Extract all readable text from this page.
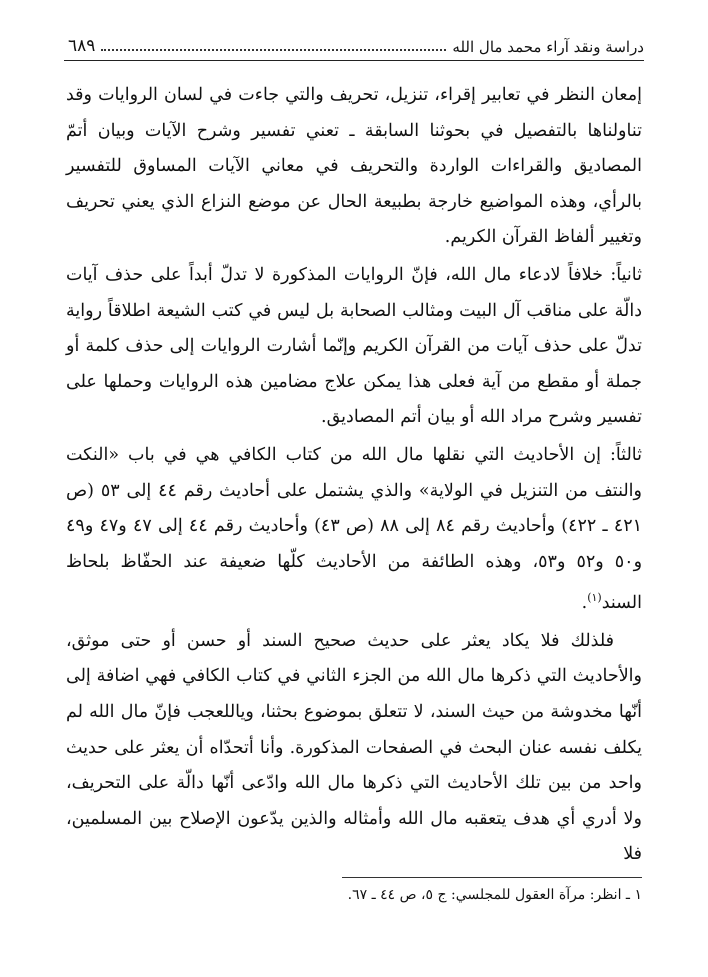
دراسة ونقد آراء محمد مال الله
٦٨٩

إمعان النظر في تعابير إقراء، تنزيل، تحريف والتي جاءت في لسان الروايات وقد تناولناها بالتفصيل في بحوثنا السابقة ـ تعني تفسير وشرح الآيات وبيان أتمّ المصاديق والقراءات الواردة والتحريف في معاني الآيات المساوق للتفسير بالرأي، وهذه المواضيع خارجة بطبيعة الحال عن موضع النزاع الذي يعني تحريف وتغيير ألفاظ القرآن الكريم.

ثانياً: خلافاً لادعاء مال الله، فإنّ الروايات المذكورة لا تدلّ أبداً على حذف آيات دالّة على مناقب آل البيت ومثالب الصحابة بل ليس في كتب الشيعة اطلاقاً رواية تدلّ على حذف آيات من القرآن الكريم وإنّما أشارت الروايات إلى حذف كلمة أو جملة أو مقطع من آية فعلى هذا يمكن علاج مضامين هذه الروايات وحملها على تفسير وشرح مراد الله أو بيان أتم المصاديق.

ثالثاً: إن الأحاديث التي نقلها مال الله من كتاب الكافي هي في باب «النكت والنتف من التنزيل في الولاية» والذي يشتمل على أحاديث رقم ٤٤ إلى ٥٣ (ص ٤٢١ ـ ٤٢٢) وأحاديث رقم ٨٤ إلى ٨٨ (ص ٤٣) وأحاديث رقم ٤٤ إلى ٤٧ و٤٧ و٤٩ و٥٠ و٥٢ و٥٣، وهذه الطائفة من الأحاديث كلّها ضعيفة عند الحفّاظ بلحاظ السند$^{(١)}$.

فلذلك فلا يكاد يعثر على حديث صحيح السند أو حسن أو حتى موثق، والأحاديث التي ذكرها مال الله من الجزء الثاني في كتاب الكافي فهي اضافة إلى أنّها مخدوشة من حيث السند، لا تتعلق بموضوع بحثنا، وياللعجب فإنّ مال الله لم يكلف نفسه عنان البحث في الصفحات المذكورة. وأنا أتحدّاه أن يعثر على حديث واحد من بين تلك الأحاديث التي ذكرها مال الله وادّعى أنّها دالّة على التحريف، ولا أدري أي هدف يتعقبه مال الله وأمثاله والذين يدّعون الإصلاح بين المسلمين، فلا

١ ـ انظر: مرآة العقول للمجلسي: ج ٥، ص ٤٤ ـ ٦٧.
